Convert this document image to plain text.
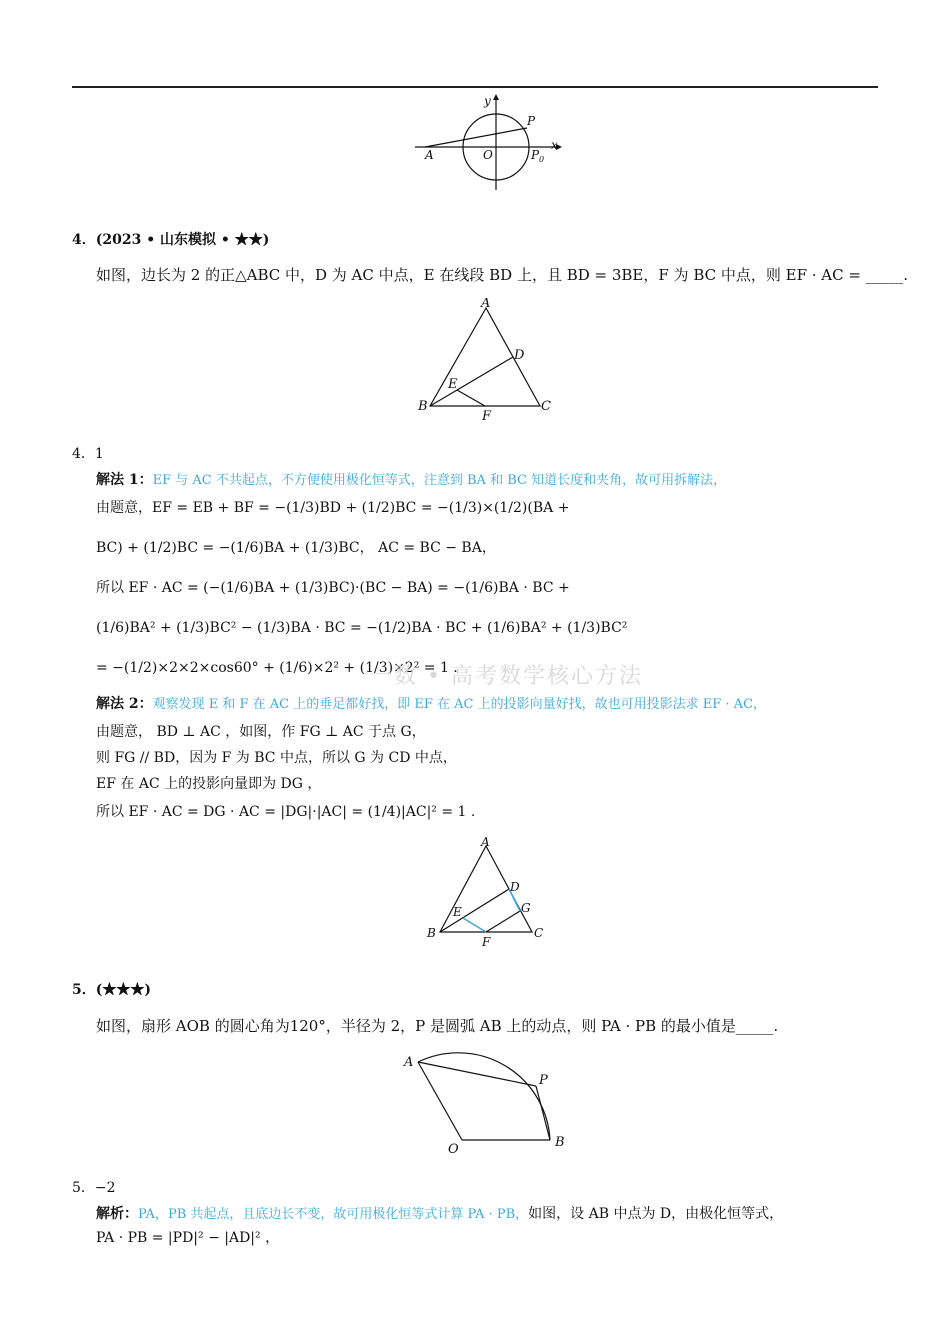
y
x
P
A	O	P 0
4．(2023 • 山东模拟 • ★★)
如图，边长为 2 的正△ABC 中，D 为 AC 中点，E 在线段 BD 上，且 BD = 3BE，F 为 BC 中点，则 EF · AC = _____.
A
B	C
D
E
F
4．1
解法 1：EF 与 AC 不共起点，不方便使用极化恒等式，注意到 BA 和 BC 知道长度和夹角，故可用拆解法，
由题意，EF = EB + BF = −(1/3)BD + (1/2)BC = −(1/3)×(1/2)(BA +
BC) + (1/2)BC = −(1/6)BA + (1/3)BC， AC = BC − BA，
所以 EF · AC = (−(1/6)BA + (1/3)BC)·(BC − BA) = −(1/6)BA · BC +
(1/6)BA² + (1/3)BC² − (1/3)BA · BC = −(1/2)BA · BC + (1/6)BA² + (1/3)BC²
= −(1/2)×2×2×cos60° + (1/6)×2² + (1/3)×2² = 1 .
一数 • 高考数学核心方法
解法 2：观察发现 E 和 F 在 AC 上的垂足都好找，即 EF 在 AC 上的投影向量好找，故也可用投影法求 EF · AC，
由题意， BD ⊥ AC ，如图，作 FG ⊥ AC 于点 G，
则 FG // BD，因为 F 为 BC 中点，所以 G 为 CD 中点，
EF 在 AC 上的投影向量即为 DG ，
所以 EF · AC = DG · AC = |DG|·|AC| = (1/4)|AC|² = 1 .
A
B	C
D
E
F
G
5．(★★★)
如图，扇形 AOB 的圆心角为120°，半径为 2，P 是圆弧 AB 上的动点，则 PA · PB 的最小值是_____.
A
O
P
B
5．−2
解析：PA，PB 共起点，且底边长不变，故可用极化恒等式计算 PA · PB，如图，设 AB 中点为 D，由极化恒等式，
PA · PB = |PD|² − |AD|² ，
